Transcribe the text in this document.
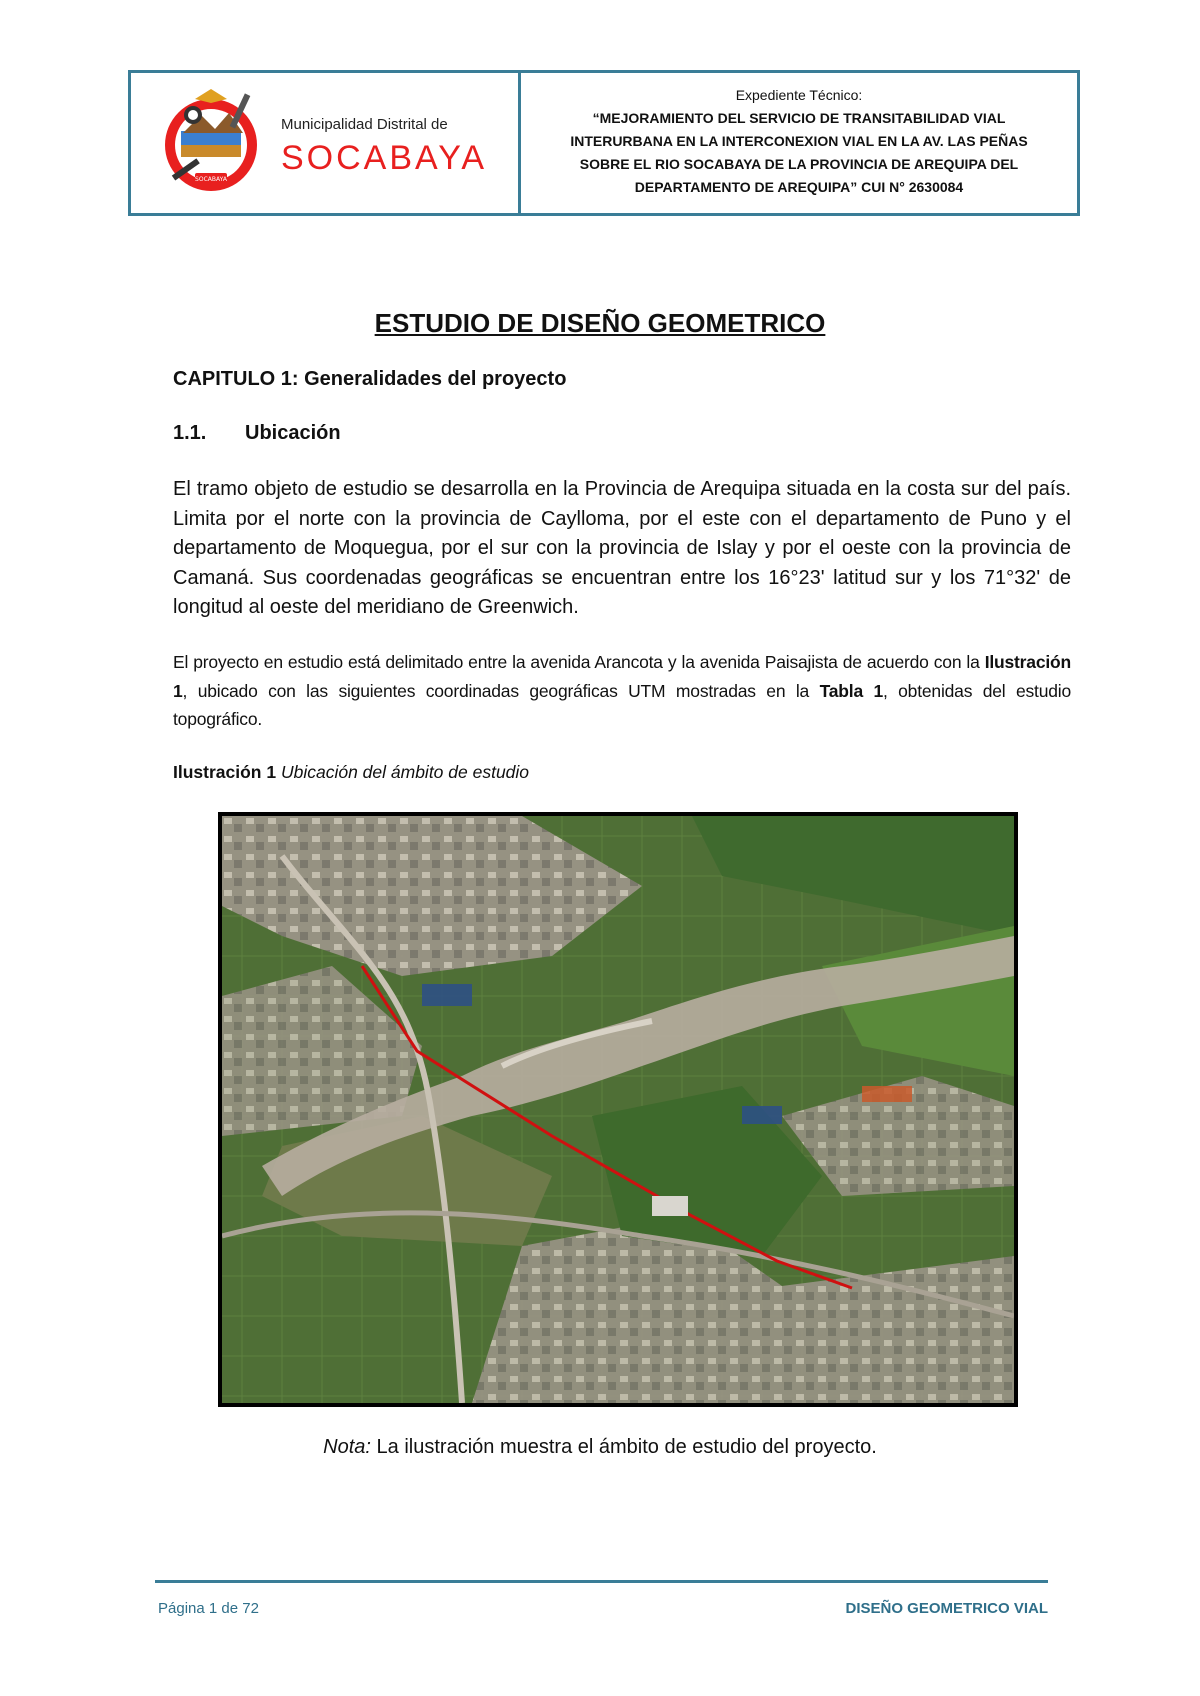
SOCABAYA
Municipalidad Distrital de
SOCABAYA
Expediente Técnico:
“MEJORAMIENTO DEL SERVICIO DE TRANSITABILIDAD VIAL
INTERURBANA EN LA INTERCONEXION VIAL EN LA AV. LAS PEÑAS
SOBRE EL RIO SOCABAYA DE LA PROVINCIA DE AREQUIPA DEL
DEPARTAMENTO DE AREQUIPA” CUI N° 2630084
ESTUDIO DE DISEÑO GEOMETRICO
CAPITULO 1: Generalidades del proyecto
1.1. Ubicación
El tramo objeto de estudio se desarrolla en la Provincia de Arequipa situada en la costa sur del país. Limita por el norte con la provincia de Caylloma, por el este con el departamento de Puno y el departamento de Moquegua, por el sur con la provincia de Islay y por el oeste con la provincia de Camaná. Sus coordenadas geográficas se encuentran entre los 16°23' latitud sur y los 71°32' de longitud al oeste del meridiano de Greenwich.
El proyecto en estudio está delimitado entre la avenida Arancota y la avenida Paisajista de acuerdo con la Ilustración 1, ubicado con las siguientes coordinadas geográficas UTM mostradas en la Tabla 1, obtenidas del estudio topográfico.
Ilustración 1 Ubicación del ámbito de estudio
Nota: La ilustración muestra el ámbito de estudio del proyecto.
Página 1 de 72	DISEÑO GEOMETRICO VIAL
